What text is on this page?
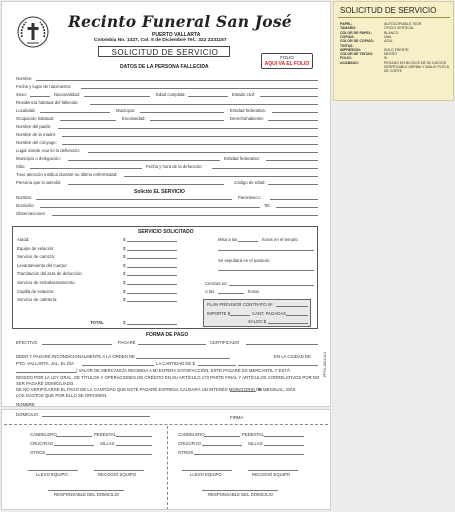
Recinto Funeral San José
PUERTO VALLARTA
Colombia No. 1427, Col. 5 de Diciembre Tel.: 322 2231157
SOLICITUD DE SERVICIO
FOLIO
AQUI VA EL FOLIO
DATOS DE LA PERSONA FALLECIDA
Nombre:
Fecha y lugar de nacimiento:
Sexo:	Nacionalidad:	Edad cumplida:	Estado civil:
Residencia habitual del fallecido:
Localidad:	Municipio:	Entidad federativa:
Ocupación habitual:	Escolaridad:	Derechohabiente:
Nombre del padre:
Nombre de la madre:
Nombre del cónyuge:
Lugar donde ocurrió la defunción:
Municipio o delegación:	Entidad federativa:
Sitio:	Fecha y hora de la defunción:
Tuvo atención médica durante su último enfermedad:
Persona que lo atendió:	Código de edad:
Solicitó EL SERVICIO
Nombre:	Parentesco:
Domicilio:	Tel:
Observaciones:
SERVICIO SOLICITADO
Ataúd:	$
Equipo de velación:	$
Servicio de carroza:	$
Levantamiento del cuerpo:	$
Tramitación del acta de defunción:	$
Servicio de embalsamamiento:	$
Capilla de velación:	$
Servicio de cafetería:	$
TOTAL	$
Misa a las	horas en el templo:
Se sepultará en el panteón:
Cenizas en:
A las	horas.
PLAN PREVISOR CONTRATO Nº
IMPORTE $	CANT. PAGADAS
SALDO $
FORMA DE PAGO
EFECTIVO	PAGARÉ	CERTIFICADO
DEBO Y PAGARÉ INCONDICIONALMENTE A LA ORDEN DE	EN LA CIUDAD DE
PTO. VALLARTA, JAL. EL DÍA	LA CANTIDAD DE $
) VALOR DE MERCANCÍA RECIBIDA A MI ENTERA SATISFACCIÓN, ESTE PAGARÉ ES MERCANTIL Y ESTÁ
REGIDO POR LA LEY GRAL. DE TÍTULOS Y OPERACIONES DE CRÉDITO EN SU ARTÍCULO 173 PARTE FINAL Y ARTÍCULOS CORRELATIVOS POR NO
SER PAGARÉ DOMICILIADO.
DE NO VERIFICARSE EL PAGO DE LA CANTIDAD QUE ESTE PAGARÉ EXPRESA CAUSARÁ UN INTERÉS MORATORIO DE
% MENSUAL, MÁS
LOS GASTOS QUE POR ELLO SE ORIGINEN.
NOMBRE
PFFA-1004/121
DOMICILIO
FIRMA
CANDELERO	PEDESTAL
CRUCIFIJO	SILLAS
OTROS
LLEVO EQUIPO	RECOGIÓ EQUIPO
RESPONSABLE DEL DOMICILIO
CANDELERO	PEDESTAL
CRUCIFIJO	SILLAS
OTROS
LLEVO EQUIPO	RECOGIÓ EQUIPO
RESPONSABLE DEL DOMICILIO
SOLICITUD DE SERVICIO
PAPEL:	AUTOCOPIABLE 75GR
TAMAÑO:	OFICIO VERTICAL
COLOR DE PAPEL:	BLANCO
COPIAS:	UNA
COLOR DE COPIAS:	AZUL
TINTAS:
IMPRESIÓN:	SOLO FRENTE
COLOR DE TINTAS:	NEGRO
FOLIO:	SI
ACABADO:	PEGADO EN BLOCKS DE 50 JUEGOS DESPEGABLE ARRIBA Y ABAJO PLECA DE CORTE
